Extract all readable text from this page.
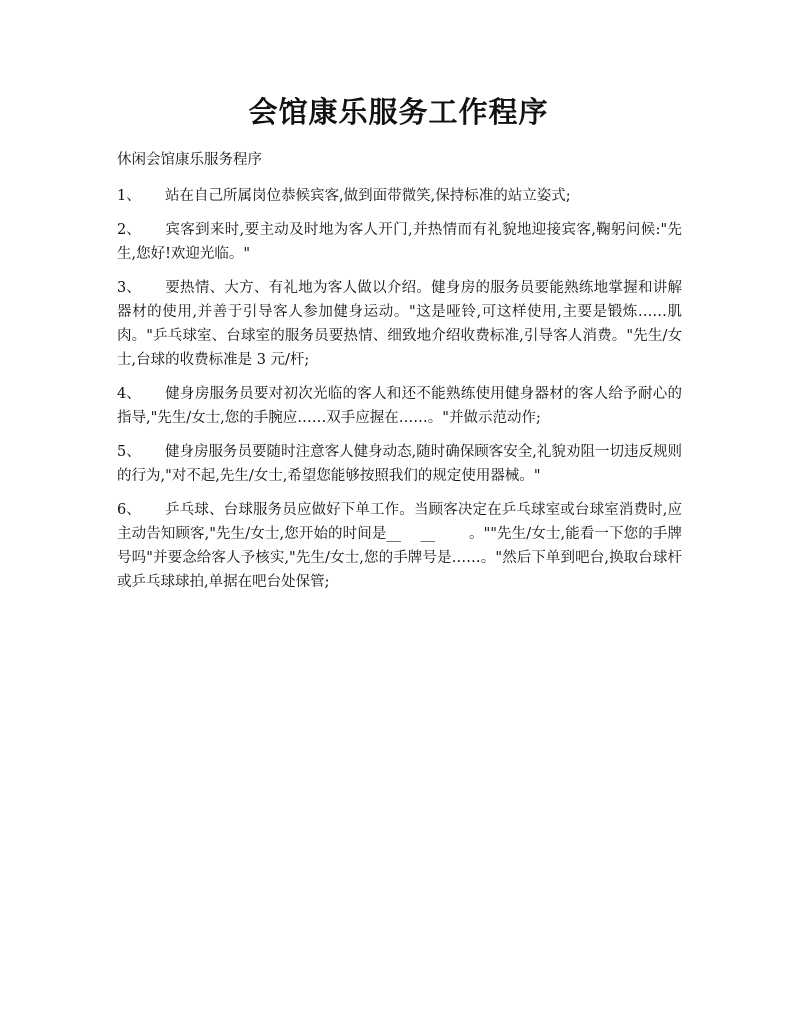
会馆康乐服务工作程序
休闲会馆康乐服务程序
1、 站在自己所属岗位恭候宾客,做到面带微笑,保持标准的站立姿式;
2、 宾客到来时,要主动及时地为客人开门,并热情而有礼貌地迎接宾客,鞠躬问候:"先生,您好!欢迎光临。"
3、 要热情、大方、有礼地为客人做以介绍。健身房的服务员要能熟练地掌握和讲解器材的使用,并善于引导客人参加健身运动。"这是哑铃,可这样使用,主要是锻炼……肌肉。"乒乓球室、台球室的服务员要热情、细致地介绍收费标准,引导客人消费。"先生/女士,台球的收费标准是 3 元/杆;
4、 健身房服务员要对初次光临的客人和还不能熟练使用健身器材的客人给予耐心的指导,"先生/女士,您的手腕应……双手应握在……。"并做示范动作;
5、 健身房服务员要随时注意客人健身动态,随时确保顾客安全,礼貌劝阻一切违反规则的行为,"对不起,先生/女士,希望您能够按照我们的规定使用器械。"
6、 乒乓球、台球服务员应做好下单工作。当顾客决定在乒乓球室或台球室消费时,应主动告知顾客,"先生/女士,您开始的时间是__　 __　　 。""先生/女士,能看一下您的手牌号吗"并要念给客人予核实,"先生/女士,您的手牌号是……。"然后下单到吧台,换取台球杆或乒乓球球拍,单据在吧台处保管;
